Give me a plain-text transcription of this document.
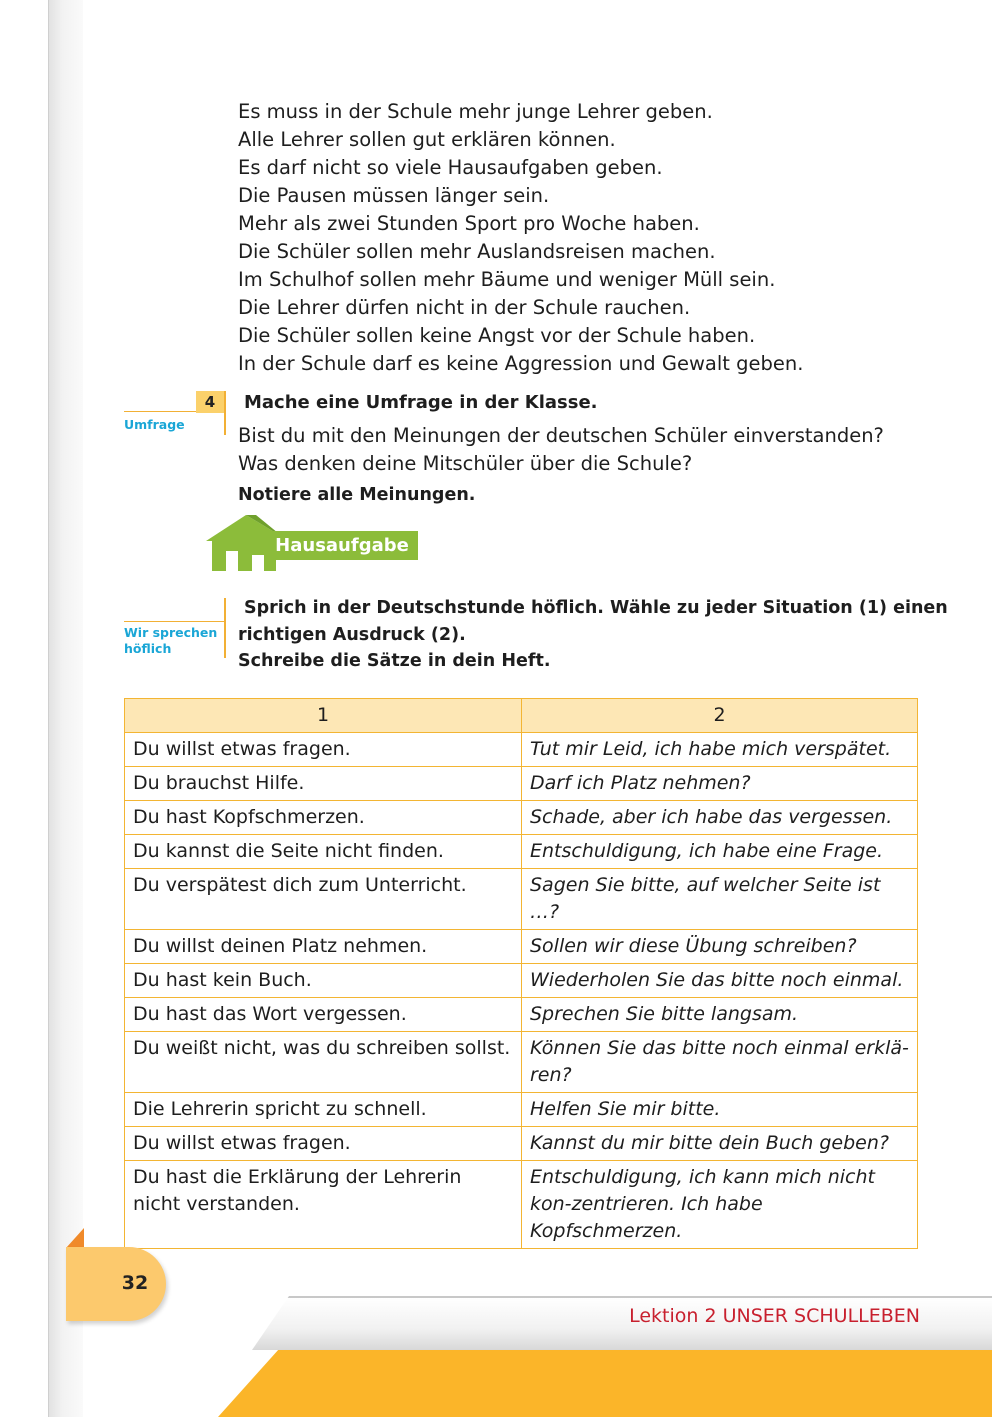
Es muss in der Schule mehr junge Lehrer geben.
Alle Lehrer sollen gut erklären können.
Es darf nicht so viele Hausaufgaben geben.
Die Pausen müssen länger sein.
Mehr als zwei Stunden Sport pro Woche haben.
Die Schüler sollen mehr Auslandsreisen machen.
Im Schulhof sollen mehr Bäume und weniger Müll sein.
Die Lehrer dürfen nicht in der Schule rauchen.
Die Schüler sollen keine Angst vor der Schule haben.
In der Schule darf es keine Aggression und Gewalt geben.
4
Umfrage
Mache eine Umfrage in der Klasse.
Bist du mit den Meinungen der deutschen Schüler einverstanden?
Was denken deine Mitschüler über die Schule?
Notiere alle Meinungen.
Hausaufgabe
Wir sprechen
höflich
Sprich in der Deutschstunde höflich. Wähle zu jeder Situation (1) einen
richtigen Ausdruck (2).
Schreibe die Sätze in dein Heft.
1	2
Du willst etwas fragen.	Tut mir Leid, ich habe mich verspätet.
Du brauchst Hilfe.	Darf ich Platz nehmen?
Du hast Kopfschmerzen.	Schade, aber ich habe das vergessen.
Du kannst die Seite nicht finden.	Entschuldigung, ich habe eine Frage.
Du verspätest dich zum Unterricht.	Sagen Sie bitte, auf welcher Seite ist …?
Du willst deinen Platz nehmen.	Sollen wir diese Übung schreiben?
Du hast kein Buch.	Wiederholen Sie das bitte noch einmal.
Du hast das Wort vergessen.	Sprechen Sie bitte langsam.
Du weißt nicht, was du schreiben sollst.	Können Sie das bitte noch einmal erklä-ren?
Die Lehrerin spricht zu schnell.	Helfen Sie mir bitte.
Du willst etwas fragen.	Kannst du mir bitte dein Buch geben?
Du hast die Erklärung der Lehrerin nicht verstanden.	Entschuldigung, ich kann mich nicht kon-zentrieren. Ich habe Kopfschmerzen.
32
Lektion 2 UNSER SCHULLEBEN
